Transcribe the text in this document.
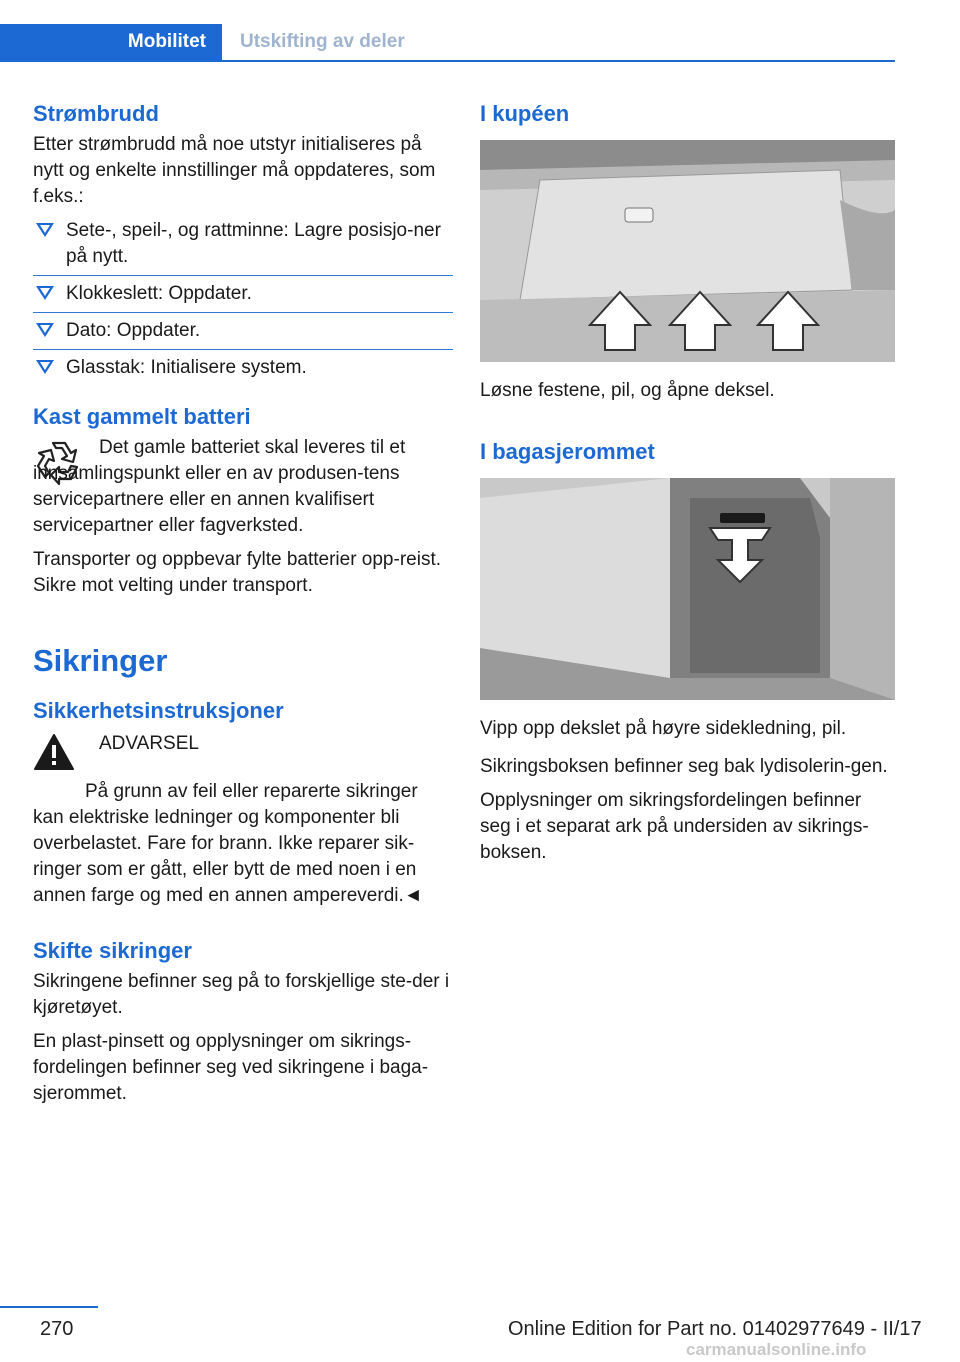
Mobilitet	Utskifting av deler
Strømbrudd

Etter strømbrudd må noe utstyr initialiseres på nytt og enkelte innstillinger må oppdateres, som f.eks.:

Sete-, speil-, og rattminne: Lagre posisjo-ner på nytt.
Klokkeslett: Oppdater.
Dato: Oppdater.
Glasstak: Initialisere system.
Kast gammelt batteri

Det gamle batteriet skal leveres til et innsamlingspunkt eller en av produsen-tens servicepartnere eller en annen kvalifisert servicepartner eller fagverksted.

Transporter og oppbevar fylte batterier opp-reist. Sikre mot velting under transport.

Sikringer
Sikkerhetsinstruksjoner

ADVARSEL

På grunn av feil eller reparerte sikringer kan elektriske ledninger og komponenter bli overbelastet. Fare for brann. Ikke reparer sik-ringer som er gått, eller bytt de med noen i en annen farge og med en annen ampereverdi.◄

Skifte sikringer

Sikringene befinner seg på to forskjellige ste-der i kjøretøyet.

En plast-pinsett og opplysninger om sikrings-fordelingen befinner seg ved sikringene i baga-sjerommet.

I kupéen

Løsne festene, pil, og åpne deksel.

I bagasjerommet

Vipp opp dekslet på høyre sidekledning, pil.

Sikringsboksen befinner seg bak lydisolerin-gen.

Opplysninger om sikringsfordelingen befinner seg i et separat ark på undersiden av sikrings-boksen.

270	Online Edition for Part no. 01402977649 - II/17
carmanualsonline.info
